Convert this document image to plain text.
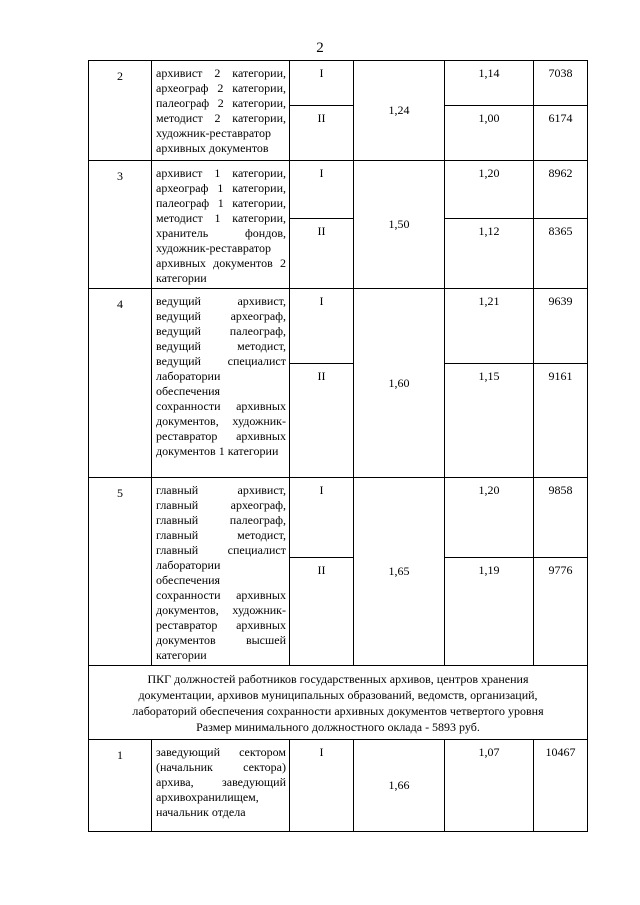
2
2	архивист 2 категории, археограф 2 категории, палеограф 2 категории, методист 2 категории, художник-реставратор архивных документов	I	1,24	1,14	7038
		II		1,00	6174
3	архивист 1 категории, археограф 1 категории, палеограф 1 категории, методист 1 категории, хранитель фондов, художник-реставратор архивных документов 2 категории	I	1,50	1,20	8962
		II		1,12	8365
4	ведущий архивист, ведущий археограф, ведущий палеограф, ведущий методист, ведущий специалист лаборатории обеспечения сохранности архивных документов, художник-реставратор архивных документов 1 категории	I	1,60	1,21	9639
		II		1,15	9161
5	главный архивист, главный археограф, главный палеограф, главный методист, главный специалист лаборатории обеспечения сохранности архивных документов, художник-реставратор архивных документов высшей категории	I	1,65	1,20	9858
		II		1,19	9776

ПКГ должностей работников государственных архивов, центров хранения
документации, архивов муниципальных образований, ведомств, организаций,
лабораторий обеспечения сохранности архивных документов четвертого уровня
Размер минимального должностного оклада - 5893 руб.					

1	заведующий сектором (начальник сектора) архива, заведующий архивохранилищем, начальник отдела	I	1,66	1,07	10467
